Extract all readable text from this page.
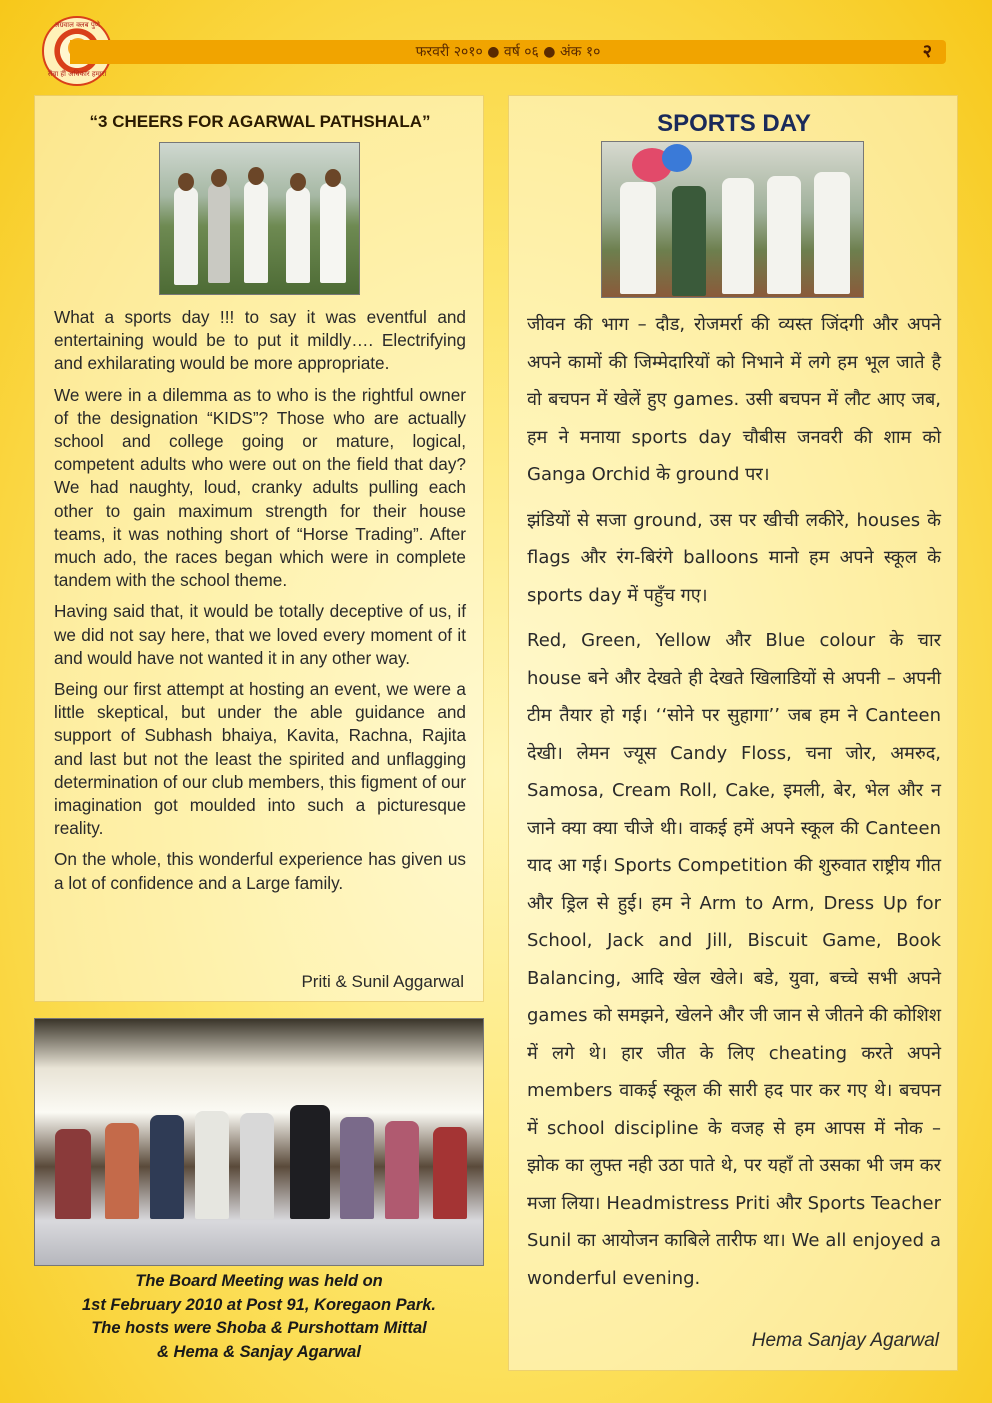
अग्रवाल क्लब पुणे
सेवा ही अधिकार हमारा
फरवरी २०१० ● वर्ष ०६ ● अंक १०	२
“3 CHEERS FOR AGARWAL PATHSHALA”

What a sports day !!! to say it was eventful and entertaining would be to put it mildly…. Electrifying and exhilarating would be more appropriate.

We were in a dilemma as to who is the rightful owner of the designation “KIDS”? Those who are actually school and college going or mature, logical, competent adults who were out on the field that day? We had naughty, loud, cranky adults pulling each other to gain maximum strength for their house teams, it was nothing short of “Horse Trading”. After much ado, the races began which were in complete tandem with the school theme.

Having said that, it would be totally deceptive of us, if we did not say here, that we loved every moment of it and would have not wanted it in any other way.

Being our first attempt at hosting an event, we were a little skeptical, but under the able guidance and support of Subhash bhaiya, Kavita, Rachna, Rajita and last but not the least the spirited and unflagging determination of our club members, this figment of our imagination got moulded into such a picturesque reality.

On the whole, this wonderful experience has given us a lot of confidence and a Large family.

Priti & Sunil Aggarwal
The Board Meeting was held on
1st February 2010 at Post 91, Koregaon Park.
The hosts were Shoba & Purshottam Mittal
& Hema & Sanjay Agarwal
SPORTS DAY

जीवन की भाग – दौड, रोजमर्रा की व्यस्त जिंदगी और अपने अपने कामों की जिम्मेदारियों को निभाने में लगे हम भूल जाते है वो बचपन में खेलें हुए games. उसी बचपन में लौट आए जब, हम ने मनाया sports day चौबीस जनवरी की शाम को Ganga Orchid के ground पर।

झंडियों से सजा ground, उस पर खीची लकीरे, houses के flags और रंग-बिरंगे balloons मानो हम अपने स्कूल के sports day में पहुँच गए।

Red, Green, Yellow और Blue colour के चार house बने और देखते ही देखते खिलाडियों से अपनी – अपनी टीम तैयार हो गई। ‘‘सोने पर सुहागा’’ जब हम ने Canteen देखी। लेमन ज्यूस Candy Floss, चना जोर, अमरुद, Samosa, Cream Roll, Cake, इमली, बेर, भेल और न जाने क्या क्या चीजे थी। वाकई हमें अपने स्कूल की Canteen याद आ गई। Sports Competition की शुरुवात राष्ट्रीय गीत और ड्रिल से हुई। हम ने Arm to Arm, Dress Up for School, Jack and Jill, Biscuit Game, Book Balancing, आदि खेल खेले। बडे, युवा, बच्चे सभी अपने games को समझने, खेलने और जी जान से जीतने की कोशिश में लगे थे। हार जीत के लिए cheating करते अपने members वाकई स्कूल की सारी हद पार कर गए थे। बचपन में school discipline के वजह से हम आपस में नोक – झोक का लुफ्त नही उठा पाते थे, पर यहाँ तो उसका भी जम कर मजा लिया। Headmistress Priti और Sports Teacher Sunil का आयोजन काबिले तारीफ था। We all enjoyed a wonderful evening.

Hema Sanjay Agarwal
